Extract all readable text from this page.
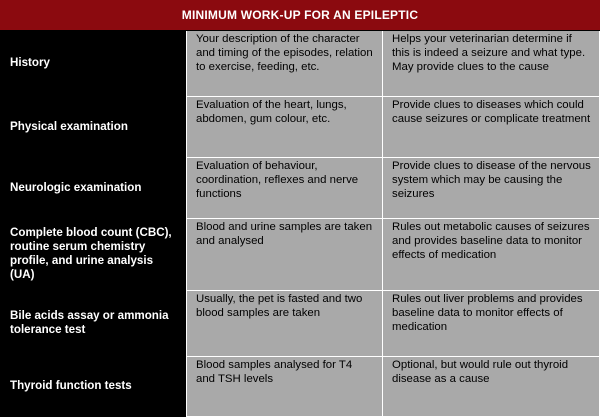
MINIMUM WORK-UP FOR AN EPILEPTIC
History
Your description of the character and timing of the episodes, relation to exercise, feeding, etc.
Helps your veterinarian determine if this is indeed a seizure and what type. May provide clues to the cause
Physical examination
Evaluation of the heart, lungs, abdomen, gum colour, etc.
Provide clues to diseases which could cause seizures or complicate treatment
Neurologic examination
Evaluation of behaviour, coordination, reflexes and nerve functions
Provide clues to disease of the nervous system which may be causing the seizures
Complete blood count (CBC), routine serum chemistry profile, and urine analysis (UA)
Blood and urine samples are taken and analysed
Rules out metabolic causes of seizures and provides baseline data to monitor effects of medication
Bile acids assay or ammonia tolerance test
Usually, the pet is fasted and two blood samples are taken
Rules out liver problems and provides baseline data to monitor effects of medication
Thyroid function tests
Blood samples analysed for T4 and TSH levels
Optional, but would rule out thyroid disease as a cause
